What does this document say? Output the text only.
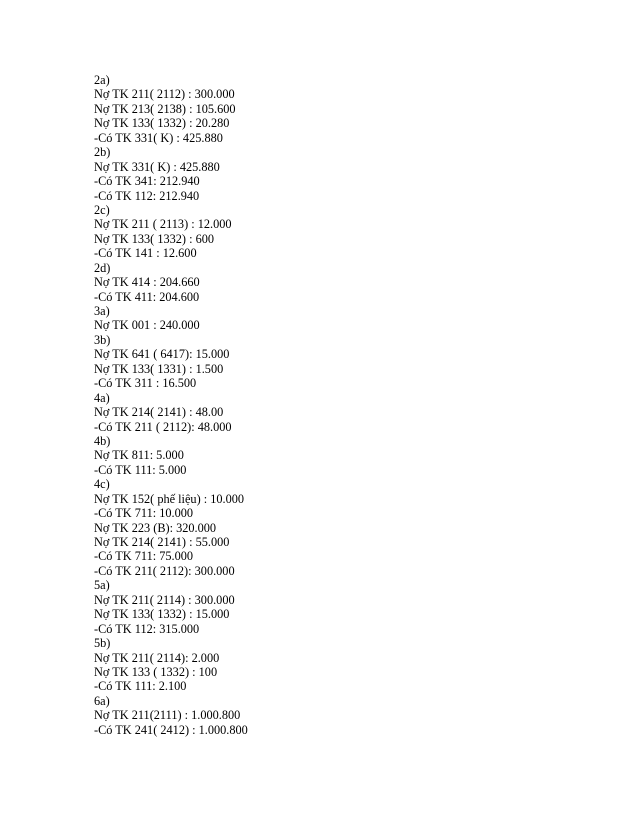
2a)
Nợ TK 211( 2112) : 300.000
Nợ TK 213( 2138) : 105.600
Nợ TK 133( 1332) : 20.280
-Có TK 331( K) : 425.880
2b)
Nợ TK 331( K) : 425.880
-Có TK 341: 212.940
-Có TK 112: 212.940
2c)
Nợ TK 211 ( 2113) : 12.000
Nợ TK 133( 1332) : 600
-Có TK 141 : 12.600
2d)
Nợ TK 414 : 204.660
-Có TK 411: 204.600
3a)
Nợ TK 001 : 240.000
3b)
Nợ TK 641 ( 6417): 15.000
Nợ TK 133( 1331) : 1.500
-Có TK 311 : 16.500
4a)
Nợ TK 214( 2141) : 48.00
-Có TK 211 ( 2112): 48.000
4b)
Nợ TK 811: 5.000
-Có TK 111: 5.000
4c)
Nợ TK 152( phế liệu) : 10.000
-Có TK 711: 10.000
Nợ TK 223 (B): 320.000
Nợ TK 214( 2141) : 55.000
-Có TK 711: 75.000
-Có TK 211( 2112): 300.000
5a)
Nợ TK 211( 2114) : 300.000
Nợ TK 133( 1332) : 15.000
-Có TK 112: 315.000
5b)
Nợ TK 211( 2114): 2.000
Nợ TK 133 ( 1332) : 100
-Có TK 111: 2.100
6a)
Nợ TK 211(2111) : 1.000.800
-Có TK 241( 2412) : 1.000.800
